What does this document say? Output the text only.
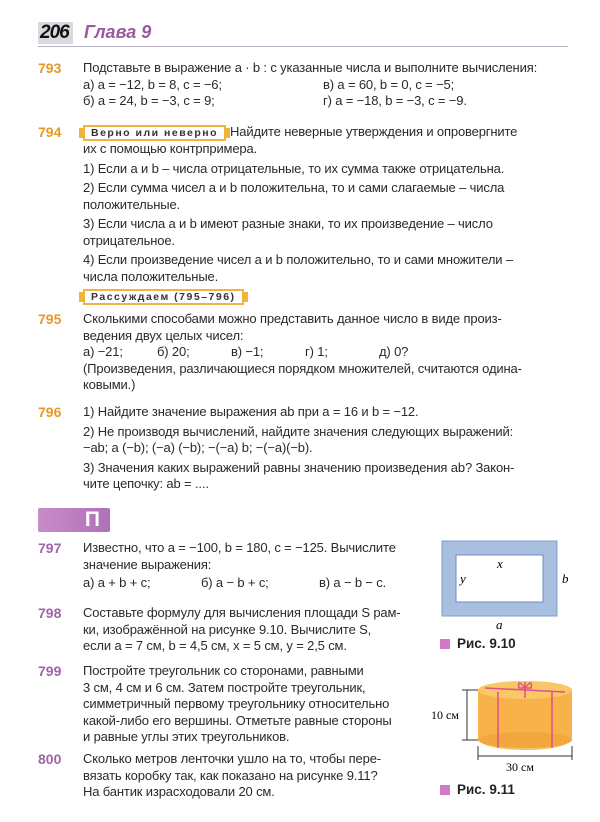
206 Глава 9
793 Подставьте в выражение a · b : c указанные числа и выполните вычисления:
а) a = −12, b = 8, c = −6;	в) a = 60, b = 0, c = −5;
б) a = 24, b = −3, c = 9;	г) a = −18, b = −3, c = −9.
794	Верно или неверно Найдите неверные утверждения и опровергните
их с помощью контрпримера.
1) Если a и b – числа отрицательные, то их сумма также отрицательна.
2) Если сумма чисел a и b положительна, то и сами слагаемые – числа
положительные.
3) Если числа a и b имеют разные знаки, то их произведение – число
отрицательное.
4) Если произведение чисел a и b положительно, то и сами множители –
числа положительные.
Рассуждаем (795–796)
795 Сколькими способами можно представить данное число в виде произ-
ведения двух целых чисел:
а) −21;	б) 20;	в) −1;	г) 1;	д) 0?
(Произведения, различающиеся порядком множителей, считаются одина-
ковыми.)
796 1) Найдите значение выражения ab при a = 16 и b = −12.
2) Не производя вычислений, найдите значения следующих выражений:
−ab; a (−b); (−a) (−b); −(−a) b; −(−a)(−b).
3) Значения каких выражений равны значению произведения ab? Закон-
чите цепочку: ab = ....
П
797 Известно, что a = −100, b = 180, c = −125. Вычислите
значение выражения:
а) a + b + c;	б) a − b + c;	в) a − b − c.
798 Составьте формулу для вычисления площади S рам-
ки, изображённой на рисунке 9.10. Вычислите S,
если a = 7 см, b = 4,5 см, x = 5 см, y = 2,5 см.
799 Постройте треугольник со сторонами, равными
3 см, 4 см и 6 см. Затем постройте треугольник,
симметричный первому треугольнику относительно
какой-либо его вершины. Отметьте равные стороны
и равные углы этих треугольников.
800 Сколько метров ленточки ушло на то, чтобы пере-
вязать коробку так, как показано на рисунке 9.11?
На бантик израсходовали 20 см.
x
y	b
a
Рис. 9.10
10 см
30 см
Рис. 9.11
